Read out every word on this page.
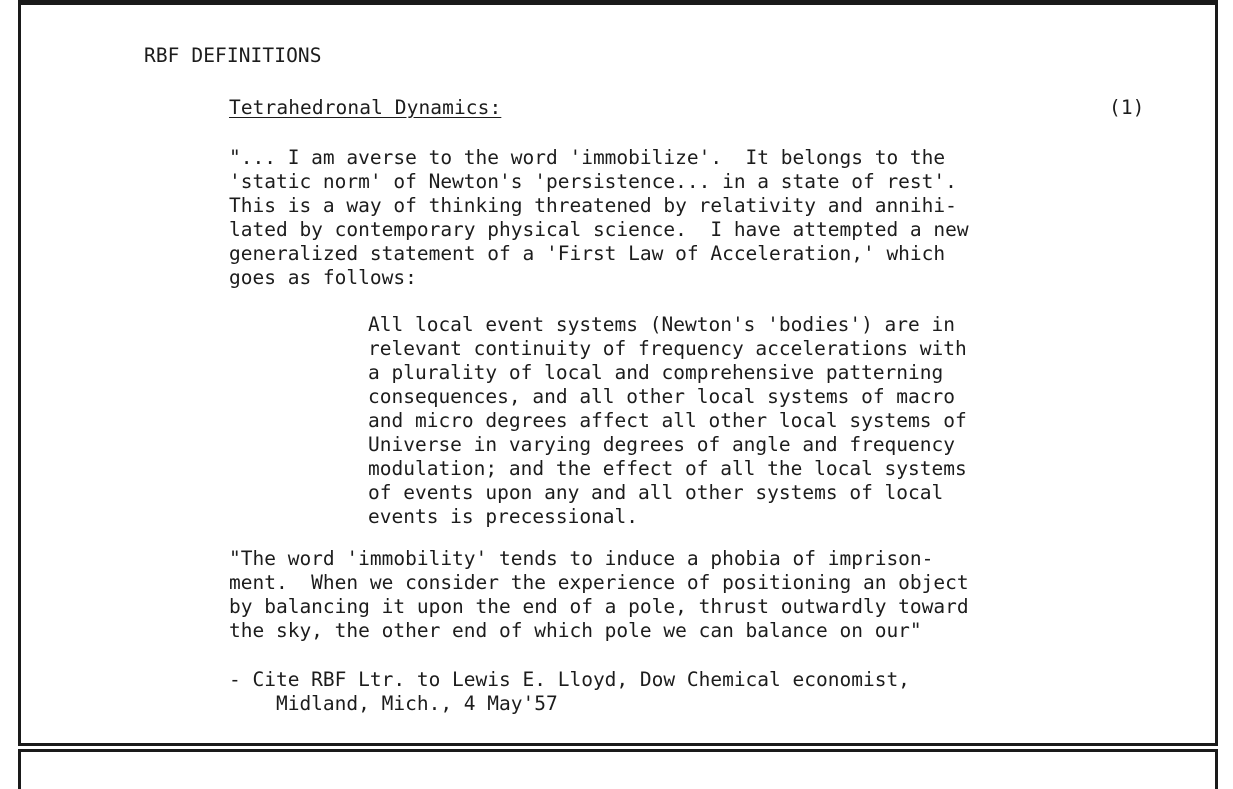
RBF DEFINITIONS
Tetrahedronal Dynamics:	(1)
"... I am averse to the word 'immobilize'.  It belongs to the
'static norm' of Newton's 'persistence... in a state of rest'.
This is a way of thinking threatened by relativity and annihi-
lated by contemporary physical science.  I have attempted a new
generalized statement of a 'First Law of Acceleration,' which
goes as follows:
All local event systems (Newton's 'bodies') are in
relevant continuity of frequency accelerations with
a plurality of local and comprehensive patterning
consequences, and all other local systems of macro
and micro degrees affect all other local systems of
Universe in varying degrees of angle and frequency
modulation; and the effect of all the local systems
of events upon any and all other systems of local
events is precessional.
"The word 'immobility' tends to induce a phobia of imprison-
ment.  When we consider the experience of positioning an object
by balancing it upon the end of a pole, thrust outwardly toward
the sky, the other end of which pole we can balance on our"
- Cite RBF Ltr. to Lewis E. Lloyd, Dow Chemical economist,
Midland, Mich., 4 May'57
